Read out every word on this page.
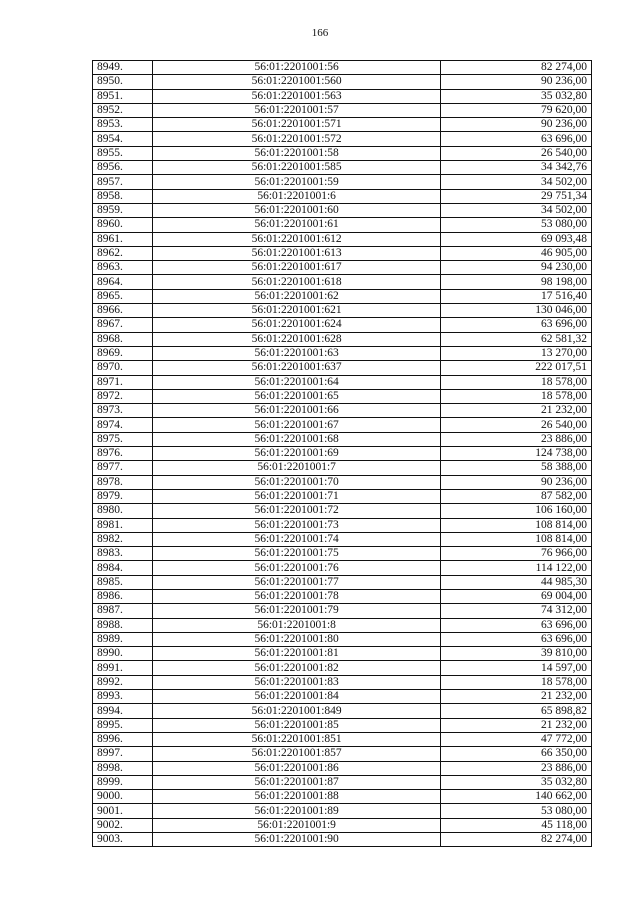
166
8949.	56:01:2201001:56	82 274,00
8950.	56:01:2201001:560	90 236,00
8951.	56:01:2201001:563	35 032,80
8952.	56:01:2201001:57	79 620,00
8953.	56:01:2201001:571	90 236,00
8954.	56:01:2201001:572	63 696,00
8955.	56:01:2201001:58	26 540,00
8956.	56:01:2201001:585	34 342,76
8957.	56:01:2201001:59	34 502,00
8958.	56:01:2201001:6	29 751,34
8959.	56:01:2201001:60	34 502,00
8960.	56:01:2201001:61	53 080,00
8961.	56:01:2201001:612	69 093,48
8962.	56:01:2201001:613	46 905,00
8963.	56:01:2201001:617	94 230,00
8964.	56:01:2201001:618	98 198,00
8965.	56:01:2201001:62	17 516,40
8966.	56:01:2201001:621	130 046,00
8967.	56:01:2201001:624	63 696,00
8968.	56:01:2201001:628	62 581,32
8969.	56:01:2201001:63	13 270,00
8970.	56:01:2201001:637	222 017,51
8971.	56:01:2201001:64	18 578,00
8972.	56:01:2201001:65	18 578,00
8973.	56:01:2201001:66	21 232,00
8974.	56:01:2201001:67	26 540,00
8975.	56:01:2201001:68	23 886,00
8976.	56:01:2201001:69	124 738,00
8977.	56:01:2201001:7	58 388,00
8978.	56:01:2201001:70	90 236,00
8979.	56:01:2201001:71	87 582,00
8980.	56:01:2201001:72	106 160,00
8981.	56:01:2201001:73	108 814,00
8982.	56:01:2201001:74	108 814,00
8983.	56:01:2201001:75	76 966,00
8984.	56:01:2201001:76	114 122,00
8985.	56:01:2201001:77	44 985,30
8986.	56:01:2201001:78	69 004,00
8987.	56:01:2201001:79	74 312,00
8988.	56:01:2201001:8	63 696,00
8989.	56:01:2201001:80	63 696,00
8990.	56:01:2201001:81	39 810,00
8991.	56:01:2201001:82	14 597,00
8992.	56:01:2201001:83	18 578,00
8993.	56:01:2201001:84	21 232,00
8994.	56:01:2201001:849	65 898,82
8995.	56:01:2201001:85	21 232,00
8996.	56:01:2201001:851	47 772,00
8997.	56:01:2201001:857	66 350,00
8998.	56:01:2201001:86	23 886,00
8999.	56:01:2201001:87	35 032,80
9000.	56:01:2201001:88	140 662,00
9001.	56:01:2201001:89	53 080,00
9002.	56:01:2201001:9	45 118,00
9003.	56:01:2201001:90	82 274,00
